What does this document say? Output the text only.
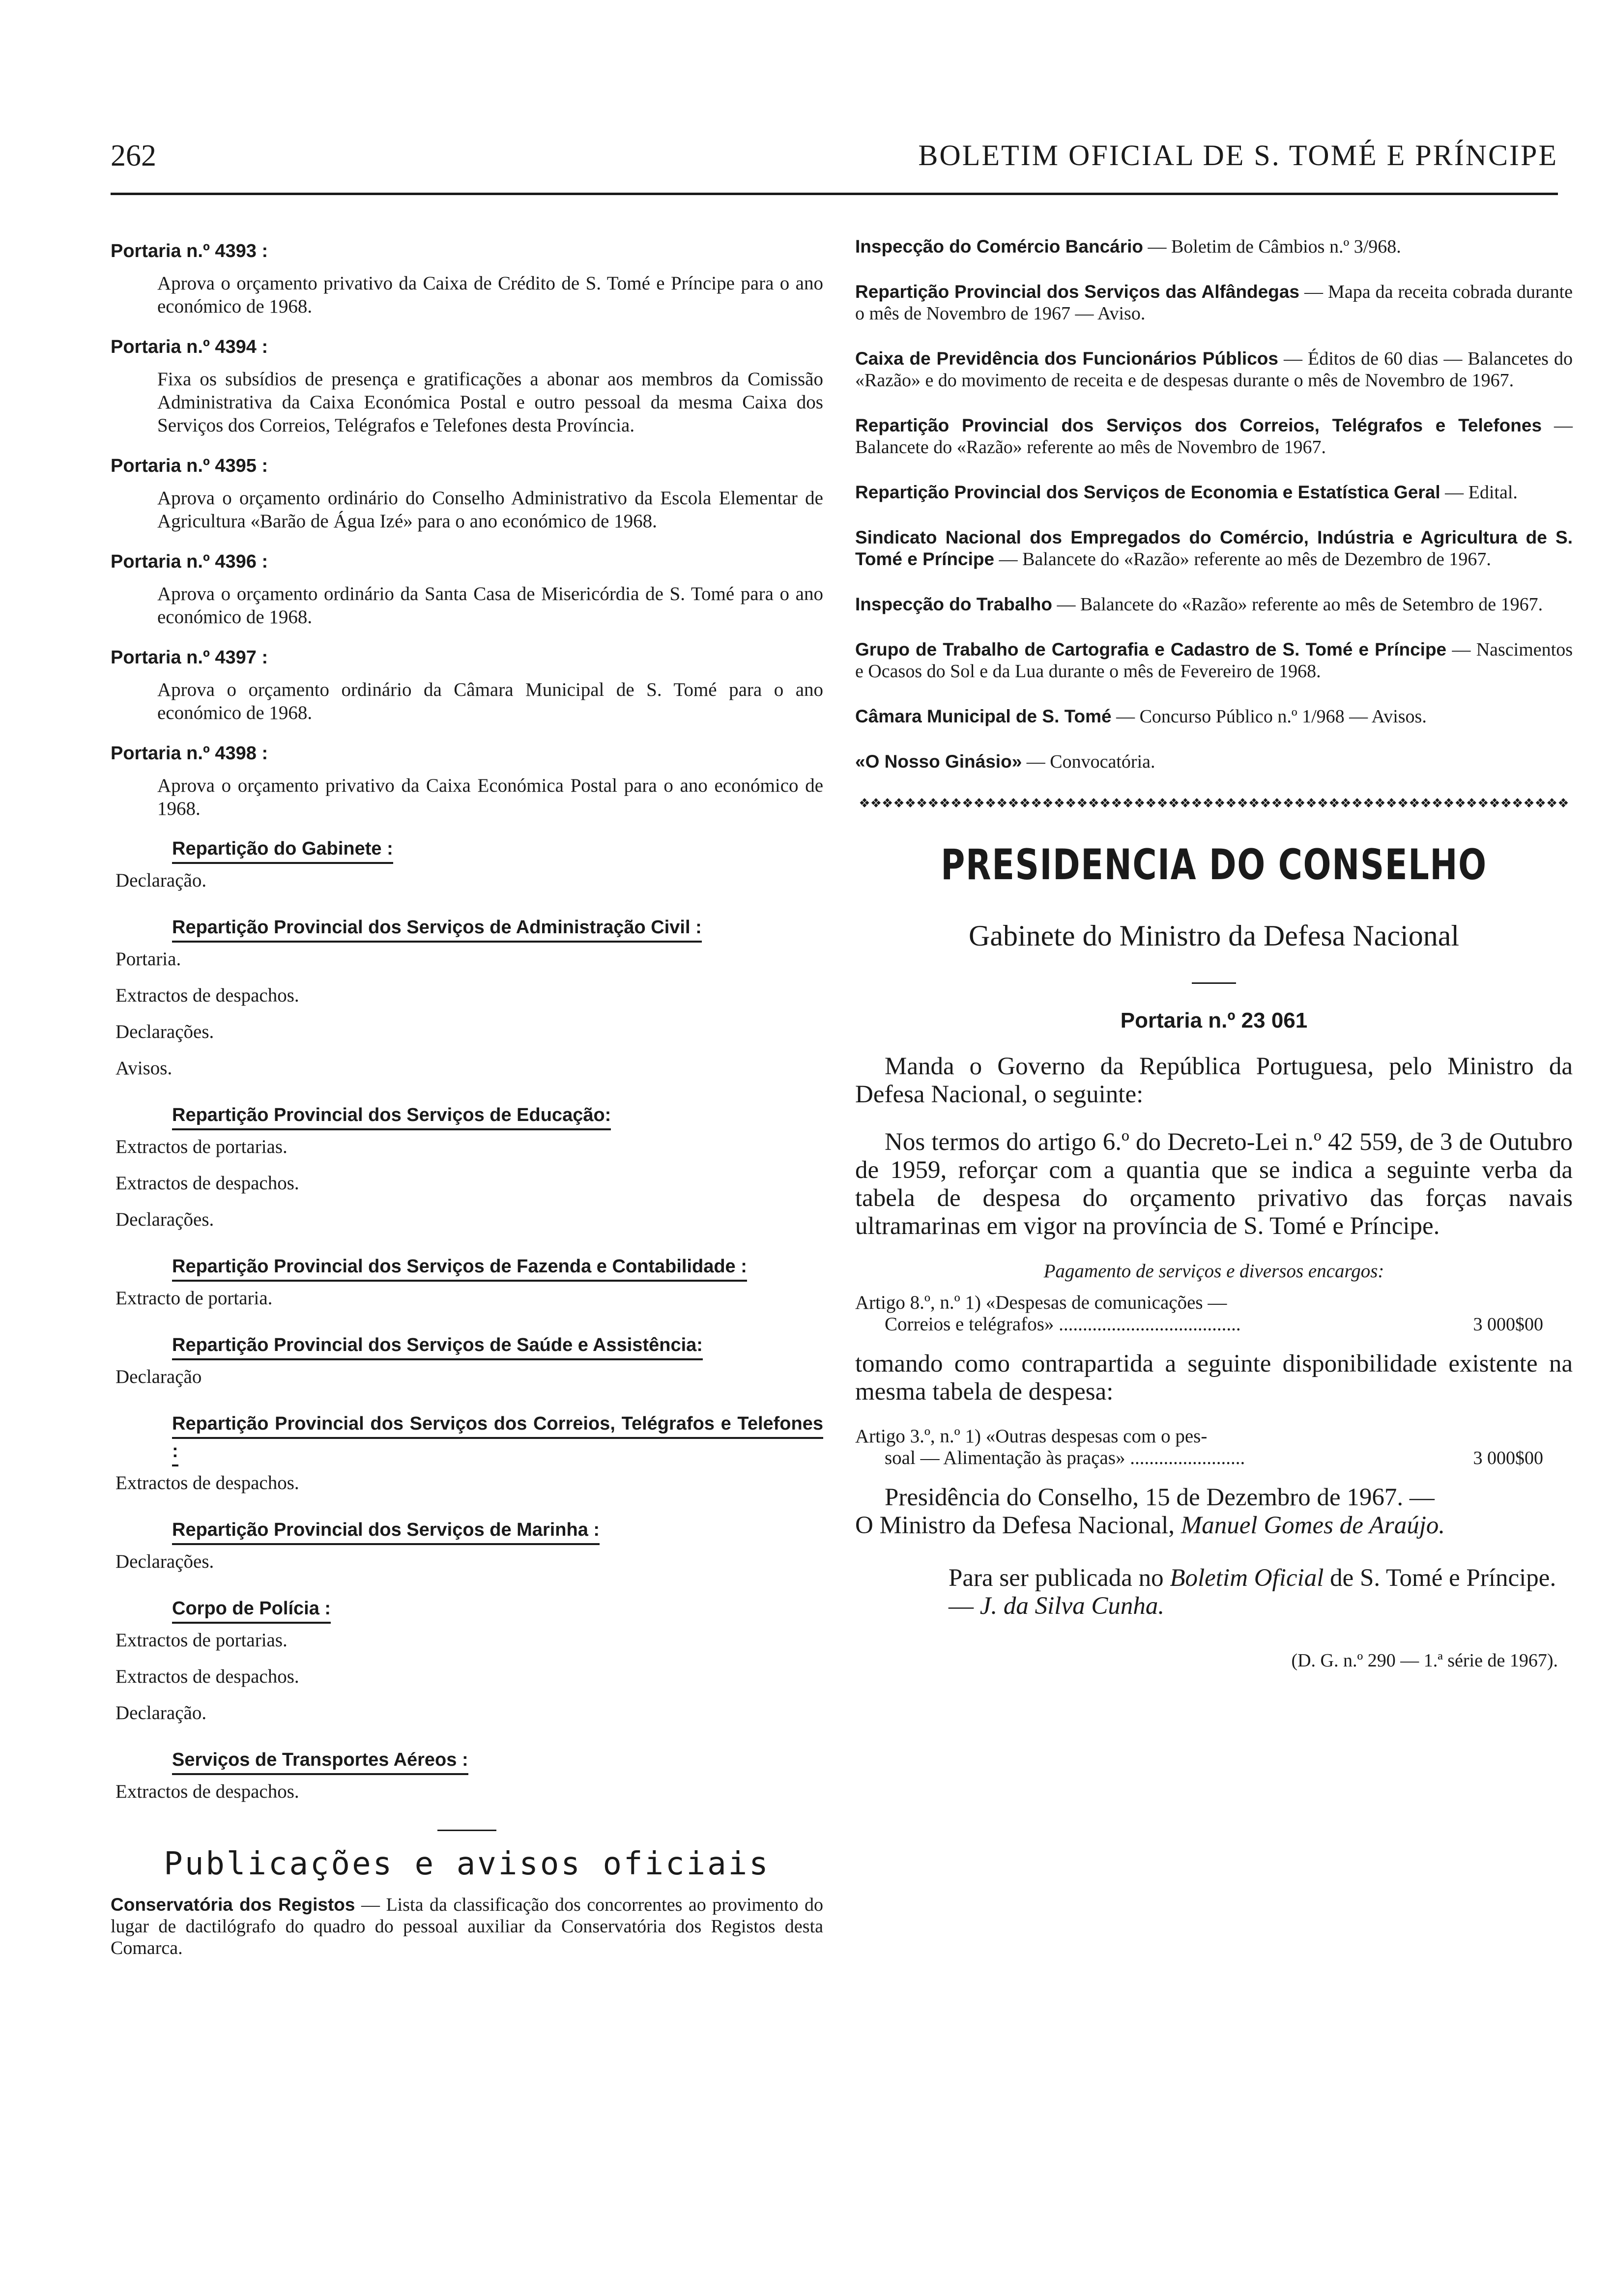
262	BOLETIM OFICIAL DE S. TOMÉ E PRÍNCIPE
Portaria n.º 4393 :
Aprova o orçamento privativo da Caixa de Crédito de S. Tomé e Príncipe para o ano económico de 1968.
Portaria n.º 4394 :
Fixa os subsídios de presença e gratificações a abonar aos membros da Comissão Administrativa da Caixa Económica Postal e outro pessoal da mesma Caixa dos Serviços dos Correios, Telégrafos e Telefones desta Província.
Portaria n.º 4395 :
Aprova o orçamento ordinário do Conselho Administrativo da Escola Elementar de Agricultura «Barão de Água Izé» para o ano económico de 1968.
Portaria n.º 4396 :
Aprova o orçamento ordinário da Santa Casa de Misericórdia de S. Tomé para o ano económico de 1968.
Portaria n.º 4397 :
Aprova o orçamento ordinário da Câmara Municipal de S. Tomé para o ano económico de 1968.
Portaria n.º 4398 :
Aprova o orçamento privativo da Caixa Económica Postal para o ano económico de 1968.
Repartição do Gabinete :
Declaração.
Repartição Provincial dos Serviços de Administração Civil :
Portaria.
Extractos de despachos.
Declarações.
Avisos.
Repartição Provincial dos Serviços de Educação:
Extractos de portarias.
Extractos de despachos.
Declarações.
Repartição Provincial dos Serviços de Fazenda e Contabilidade :
Extracto de portaria.
Repartição Provincial dos Serviços de Saúde e Assistência:
Declaração
Repartição Provincial dos Serviços dos Correios, Telégrafos e Telefones :
Extractos de despachos.
Repartição Provincial dos Serviços de Marinha :
Declarações.
Corpo de Polícia :
Extractos de portarias.
Extractos de despachos.
Declaração.
Serviços de Transportes Aéreos :
Extractos de despachos.
Publicações e avisos oficiais
Conservatória dos Registos — Lista da classificação dos concorrentes ao provimento do lugar de dactilógrafo do quadro do pessoal auxiliar da Conservatória dos Registos desta Comarca.
Inspecção do Comércio Bancário — Boletim de Câmbios n.º 3/968.
Repartição Provincial dos Serviços das Alfândegas — Mapa da receita cobrada durante o mês de Novembro de 1967 — Aviso.
Caixa de Previdência dos Funcionários Públicos — Éditos de 60 dias — Balancetes do «Razão» e do movimento de receita e de despesas durante o mês de Novembro de 1967.
Repartição Provincial dos Serviços dos Correios, Telégrafos e Telefones — Balancete do «Razão» referente ao mês de Novembro de 1967.
Repartição Provincial dos Serviços de Economia e Estatística Geral — Edital.
Sindicato Nacional dos Empregados do Comércio, Indústria e Agricultura de S. Tomé e Príncipe — Balancete do «Razão» referente ao mês de Dezembro de 1967.
Inspecção do Trabalho — Balancete do «Razão» referente ao mês de Setembro de 1967.
Grupo de Trabalho de Cartografia e Cadastro de S. Tomé e Príncipe — Nascimentos e Ocasos do Sol e da Lua durante o mês de Fevereiro de 1968.
Câmara Municipal de S. Tomé — Concurso Público n.º 1/968 — Avisos.
«O Nosso Ginásio» — Convocatória.
❖❖❖❖❖❖❖❖❖❖❖❖❖❖❖❖❖❖❖❖❖❖❖❖❖❖❖❖❖❖❖❖❖❖❖❖❖❖❖❖❖❖❖❖❖❖❖❖❖❖❖❖❖❖❖❖❖❖❖❖❖❖
PRESIDENCIA DO CONSELHO
Gabinete do Ministro da Defesa Nacional
Portaria n.º 23 061

Manda o Governo da República Portuguesa, pelo Ministro da Defesa Nacional, o seguinte:

Nos termos do artigo 6.º do Decreto-Lei n.º 42 559, de 3 de Outubro de 1959, reforçar com a quantia que se indica a seguinte verba da tabela de despesa do orçamento privativo das forças navais ultramarinas em vigor na província de S. Tomé e Príncipe.

Pagamento de serviços e diversos encargos:
Artigo 8.º, n.º 1) «Despesas de comunicações —
Correios e telégrafos» ......................................	3 000$00

tomando como contrapartida a seguinte disponibilidade existente na mesma tabela de despesa:

Artigo 3.º, n.º 1) «Outras despesas com o pes-
soal — Alimentação às praças» ........................	3 000$00
Presidência do Conselho, 15 de Dezembro de 1967. —
O Ministro da Defesa Nacional, Manuel Gomes de Araújo.
Para ser publicada no Boletim Oficial de S. Tomé e Príncipe. — J. da Silva Cunha.
(D. G. n.º 290 — 1.ª série de 1967).
